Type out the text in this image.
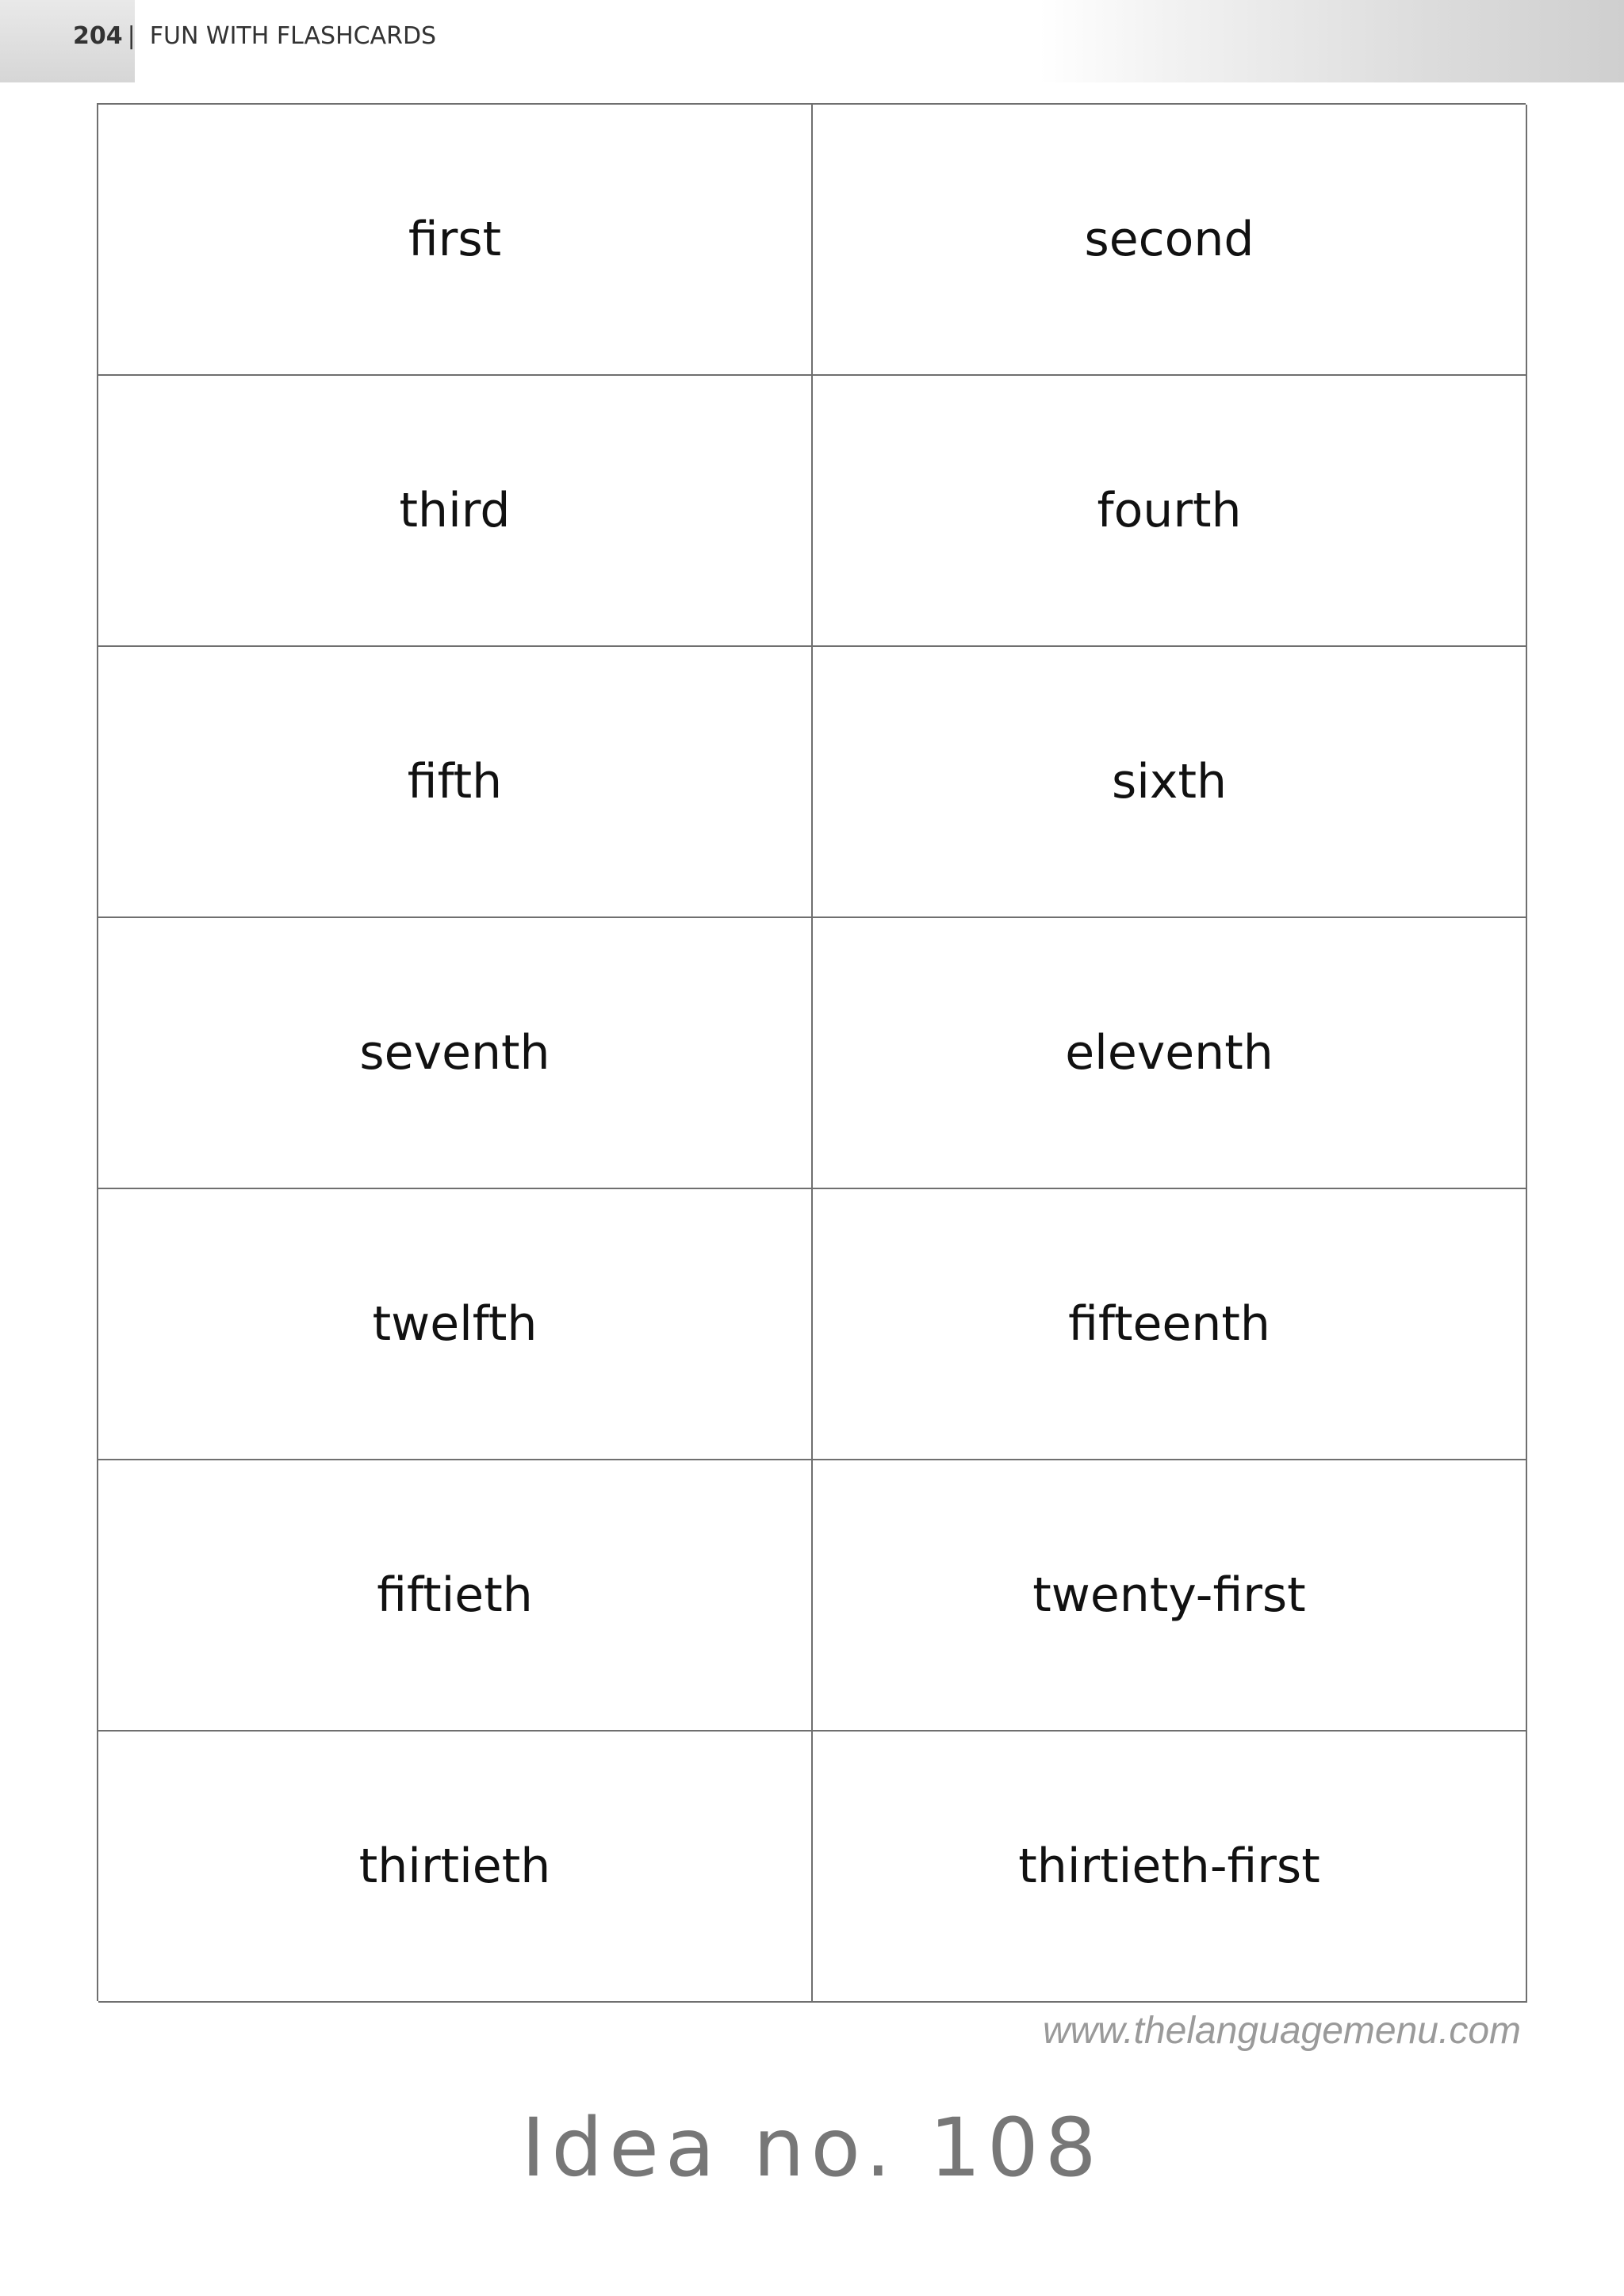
204 | FUN WITH FLASHCARDS
first	second
third	fourth
fifth	sixth
seventh	eleventh
twelfth	fifteenth
fiftieth	twenty-first
thirtieth	thirtieth-first
www.thelanguagemenu.com
Idea no. 108
